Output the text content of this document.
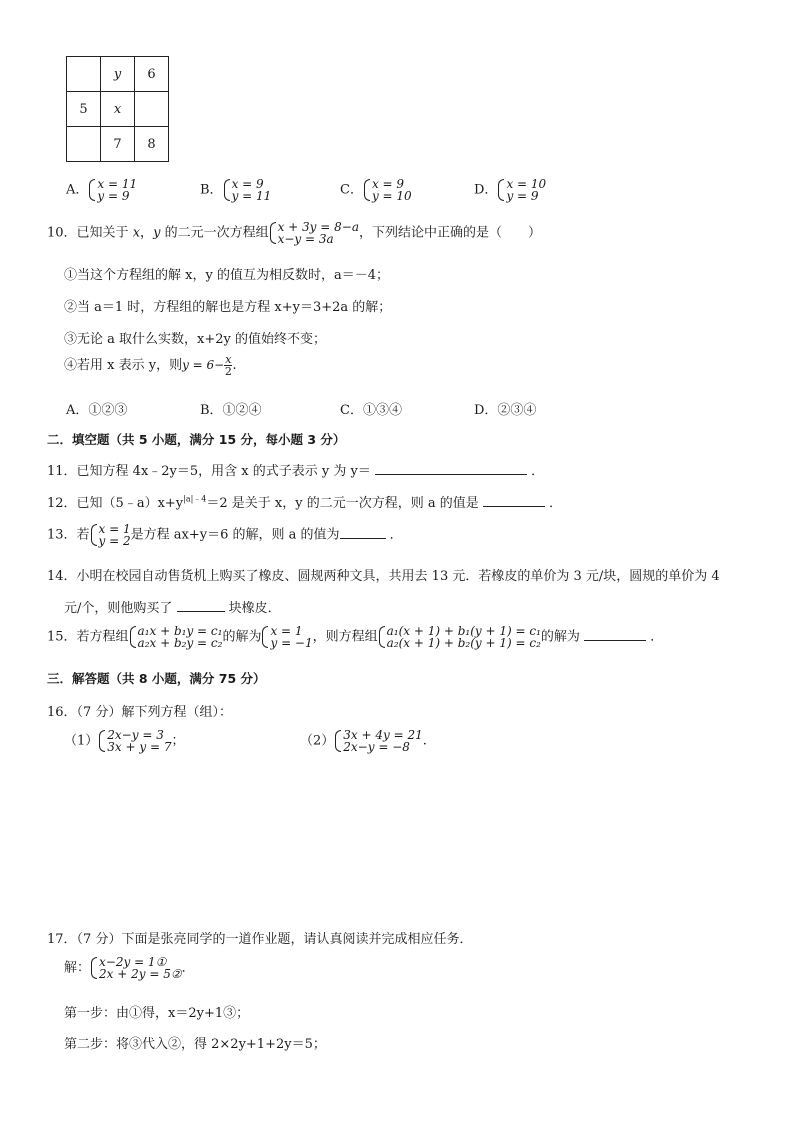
	y	6
5	x	
	7	8
A． x = 11
y = 9	B． x = 9
y = 11	C． x = 9
y = 10	D． x = 10
y = 9
10．已知关于 x，y 的二元一次方程组 x + 3y = 8−a
x−y = 3a	，下列结论中正确的是（　　）
①当这个方程组的解 x，y 的值互为相反数时，a＝－4；
②当 a＝1 时，方程组的解也是方程 x+y＝3+2a 的解；
③无论 a 取什么实数，x+2y 的值始终不变；
④若用 x 表示 y，则$y = 6- \frac{x}{2}$ .
A．①②③	B．①②④	C．①③④	D．②③④
二．填空题（共 5 小题，满分 15 分，每小题 3 分）
11．已知方程 4x﹣2y＝5，用含 x 的式子表示 y 为 y＝	．
12．已知$(5﹣a)x+y^{|a|﹣4}=2$ 是关于 x，y 的二元一次方程，则 a 的值是	．
13．若 x = 1
y = 2 是方程 ax+y＝6 的解，则 a 的值为	．
14．小明在校园自动售货机上购买了橡皮、圆规两种文具，共用去 13 元．若橡皮的单价为 3 元/块，圆规的单价为 4
元/个，则他购买了	块橡皮．
15．若方程组 a₁x + b₁y = c₁
a₂x + b₂y = c₂ 的解为 x = 1
y = −1 ，则方程组 a₁(x + 1) + b₁(y + 1) = c₁
a₂(x + 1) + b₂(y + 1) = c₂ 的解为	．
三．解答题（共 8 小题，满分 75 分）
16．（7 分）解下列方程（组）：
（1） 2x−y = 3
3x + y = 7 ；	（2） 3x + 4y = 21
2x−y = −8 .
17．（7 分）下面是张亮同学的一道作业题，请认真阅读并完成相应任务．
解： x−2y = 1①
2x + 2y = 5② ．
第一步：由①得，x＝2y+1③；
第二步：将③代入②，得 2×2y+1+2y＝5；
